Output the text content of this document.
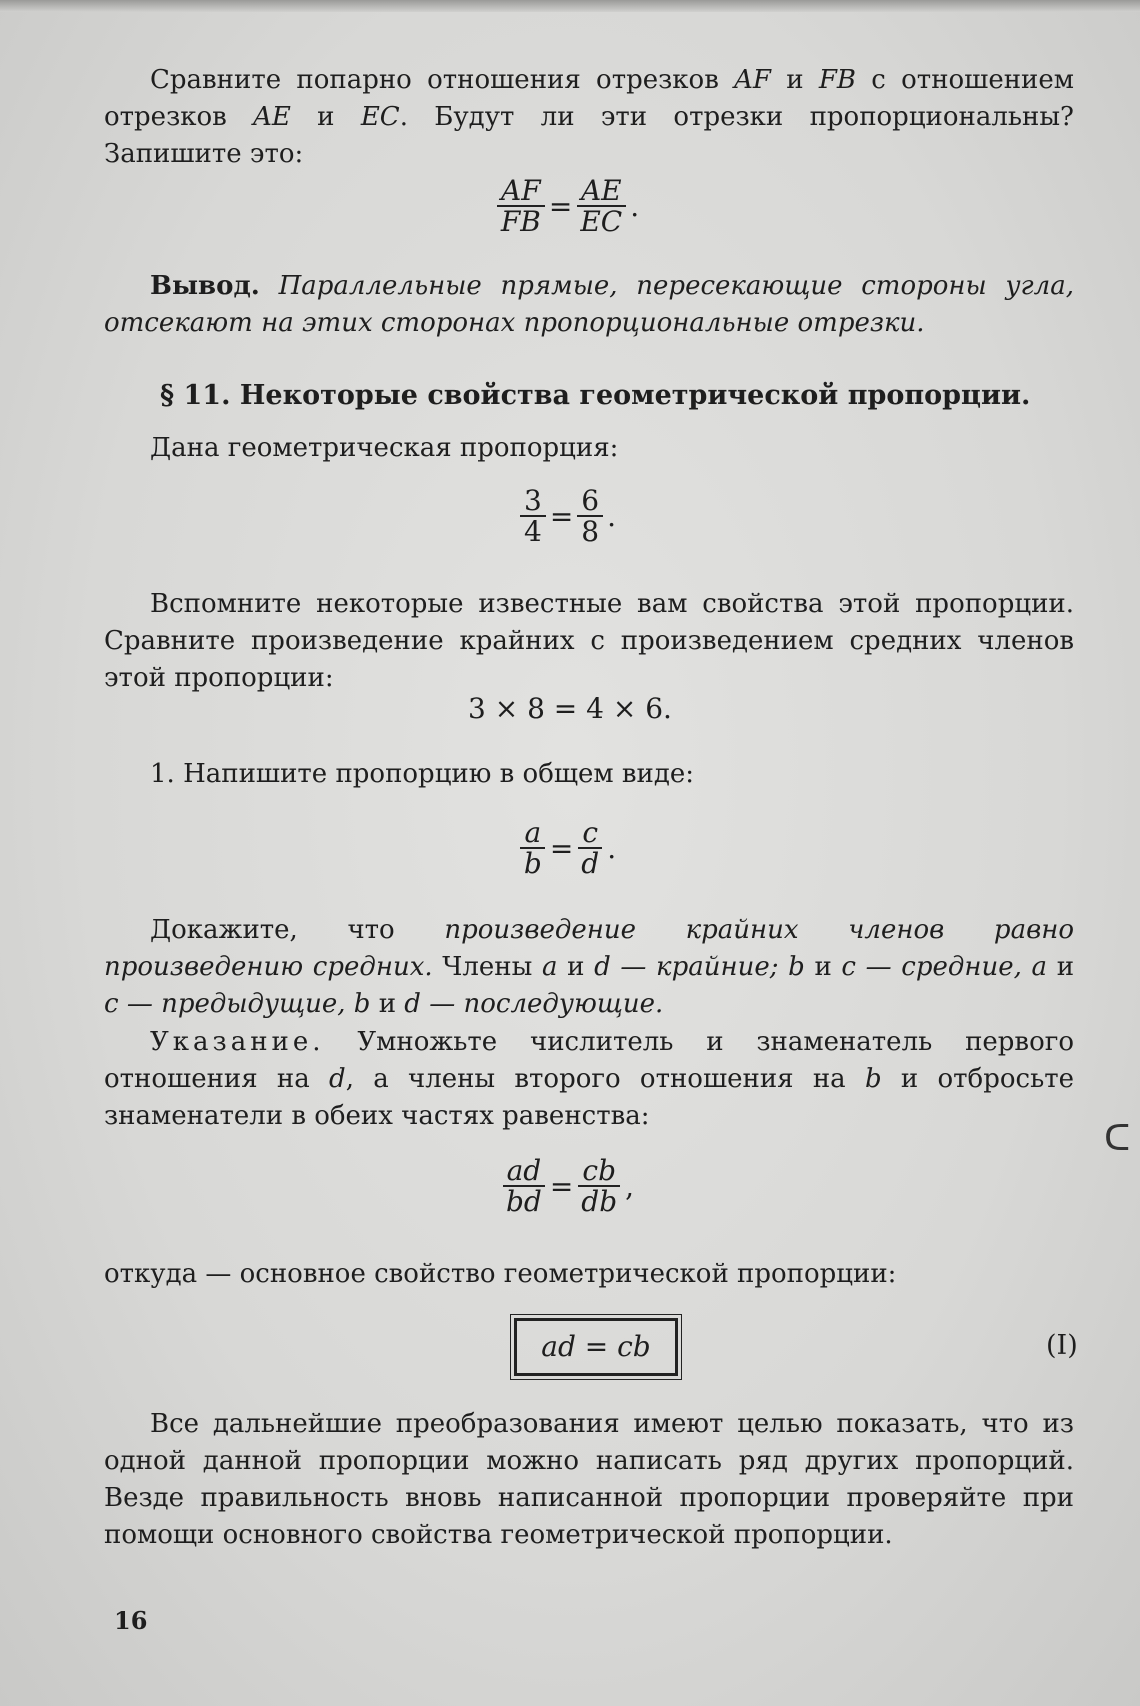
Сравните попарно отношения отрезков AF и FB с отношением отрезков AE и EC. Будут ли эти отрезки пропорциональны? Запишите это:

$\frac{AF}{FB} = \frac{AE}{EC}$ .

Вывод. Параллельные прямые, пересекающие стороны угла, отсекают на этих сторонах пропорциональные отрезки.

§ 11. Некоторые свойства геометрической пропорции.

Дана геометрическая пропорция:

$\frac{3}{4} = \frac{6}{8}$ .

Вспомните некоторые известные вам свойства этой пропорции. Сравните произведение крайних с произведением средних членов этой пропорции:

3 × 8 = 4 × 6.

1. Напишите пропорцию в общем виде:

$\frac{a}{b} = \frac{c}{d}$ .

Докажите, что произведение крайних членов равно произведению средних. Члены a и d — крайние; b и c — средние, a и c — предыдущие, b и d — последующие.

Указание. Умножьте числитель и знаменатель первого отношения на d, а члены второго отношения на b и отбросьте знаменатели в обеих частях равенства:

$\frac{ad}{bd} = \frac{cb}{db}$ ,

откуда — основное свойство геометрической пропорции:

ad = cb	(I)

Все дальнейшие преобразования имеют целью показать, что из одной данной пропорции можно написать ряд других пропорций. Везде правильность вновь написанной пропорции проверяйте при помощи основного свойства геометрической пропорции.

16
ᑕ
